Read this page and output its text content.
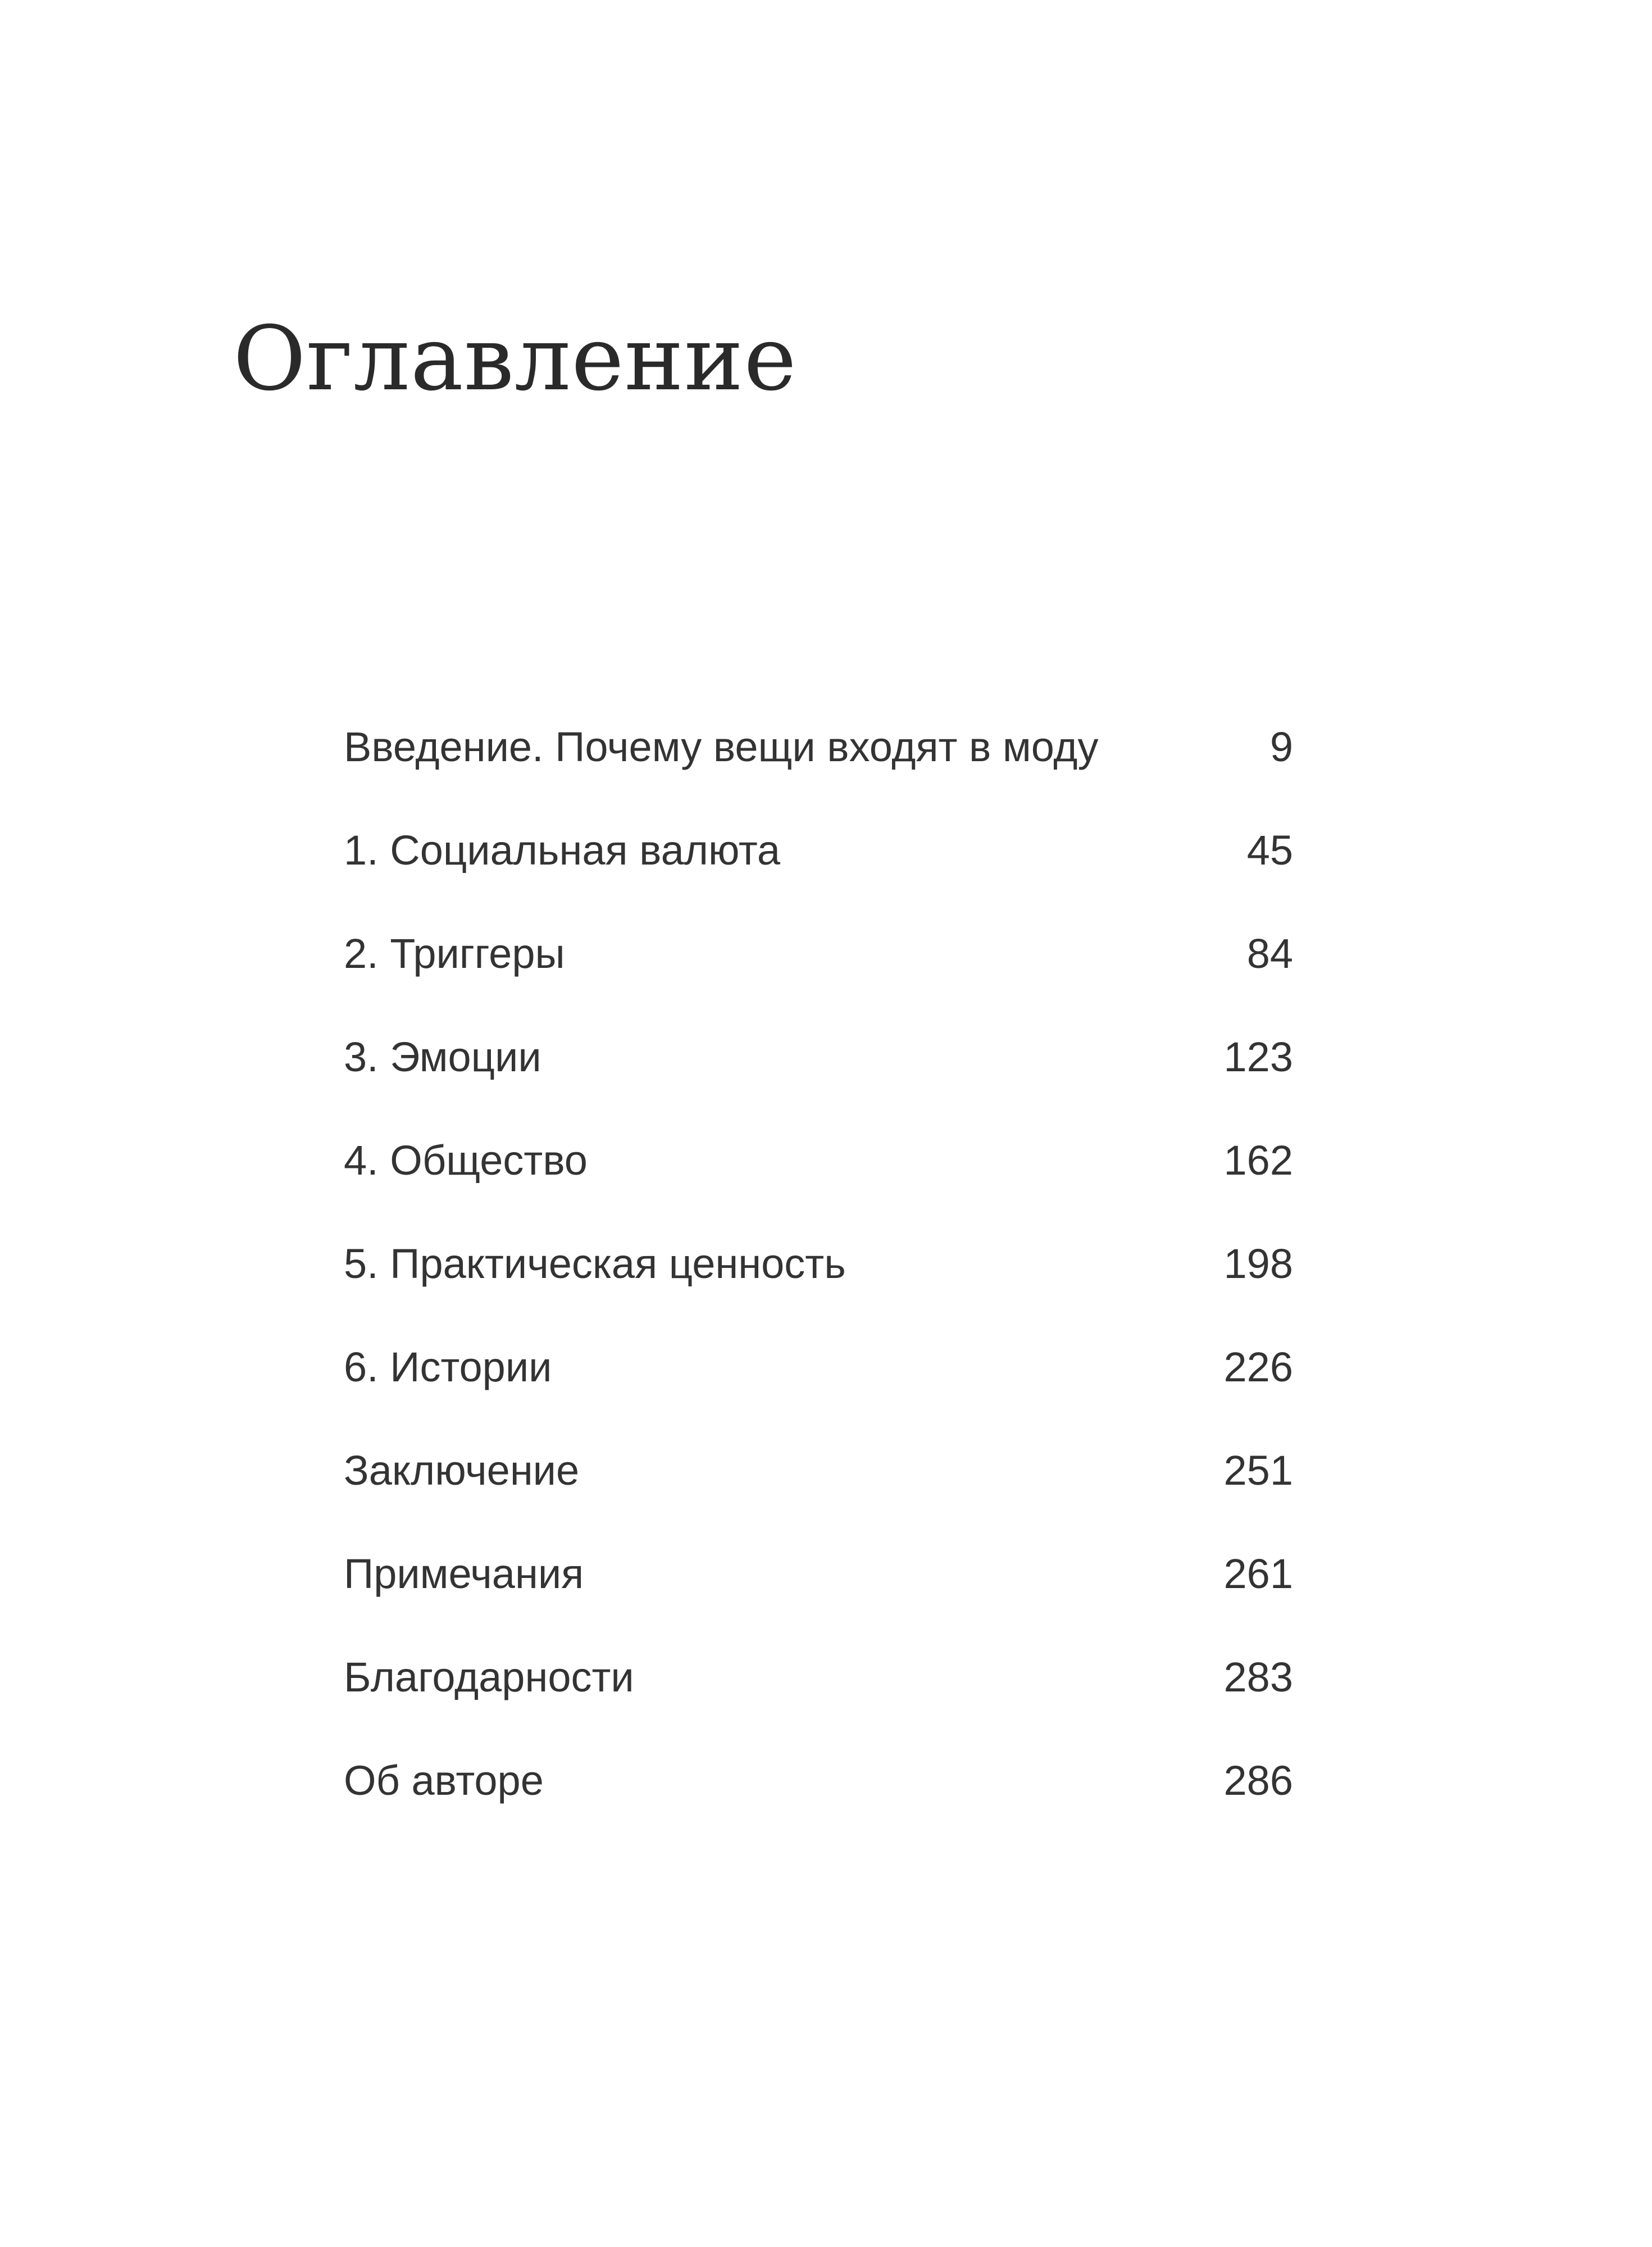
Оглавление
Введение. Почему вещи входят в моду	9
1. Социальная валюта	45
2. Триггеры	84
3. Эмоции	123
4. Общество	162
5. Практическая ценность	198
6. Истории	226
Заключение	251
Примечания	261
Благодарности	283
Об авторе	286
